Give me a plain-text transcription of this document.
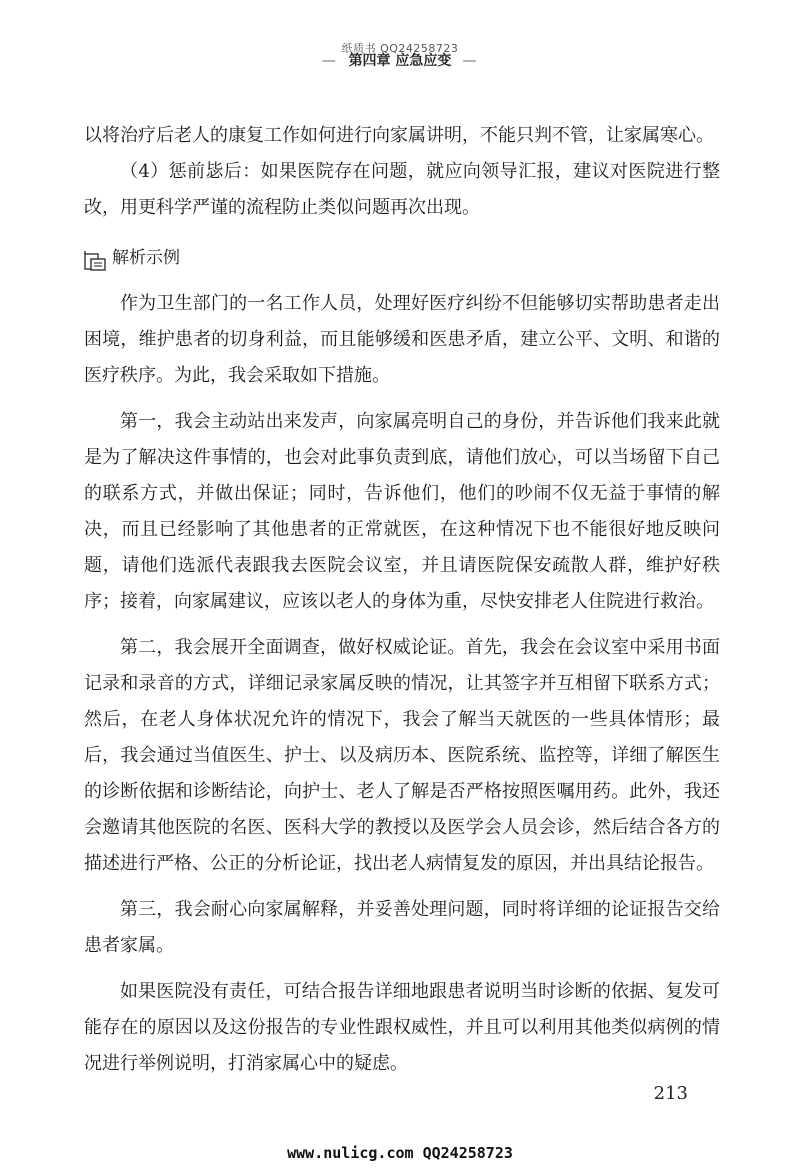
纸质书 QQ24258723
— 第四章 应急应变 —

以将治疗后老人的康复工作如何进行向家属讲明，不能只判不管，让家属寒心。

（4）惩前毖后：如果医院存在问题，就应向领导汇报，建议对医院进行整改，用更科学严谨的流程防止类似问题再次出现。

解析示例

作为卫生部门的一名工作人员，处理好医疗纠纷不但能够切实帮助患者走出困境，维护患者的切身利益，而且能够缓和医患矛盾，建立公平、文明、和谐的医疗秩序。为此，我会采取如下措施。

第一，我会主动站出来发声，向家属亮明自己的身份，并告诉他们我来此就是为了解决这件事情的，也会对此事负责到底，请他们放心，可以当场留下自己的联系方式，并做出保证；同时，告诉他们，他们的吵闹不仅无益于事情的解决，而且已经影响了其他患者的正常就医，在这种情况下也不能很好地反映问题，请他们选派代表跟我去医院会议室，并且请医院保安疏散人群，维护好秩序；接着，向家属建议，应该以老人的身体为重，尽快安排老人住院进行救治。

第二，我会展开全面调查，做好权威论证。首先，我会在会议室中采用书面记录和录音的方式，详细记录家属反映的情况，让其签字并互相留下联系方式；然后，在老人身体状况允许的情况下，我会了解当天就医的一些具体情形；最后，我会通过当值医生、护士、以及病历本、医院系统、监控等，详细了解医生的诊断依据和诊断结论，向护士、老人了解是否严格按照医嘱用药。此外，我还会邀请其他医院的名医、医科大学的教授以及医学会人员会诊，然后结合各方的描述进行严格、公正的分析论证，找出老人病情复发的原因，并出具结论报告。

第三，我会耐心向家属解释，并妥善处理问题，同时将详细的论证报告交给患者家属。

如果医院没有责任，可结合报告详细地跟患者说明当时诊断的依据、复发可能存在的原因以及这份报告的专业性跟权威性，并且可以利用其他类似病例的情况进行举例说明，打消家属心中的疑虑。

213
www.nulicg.com QQ24258723
